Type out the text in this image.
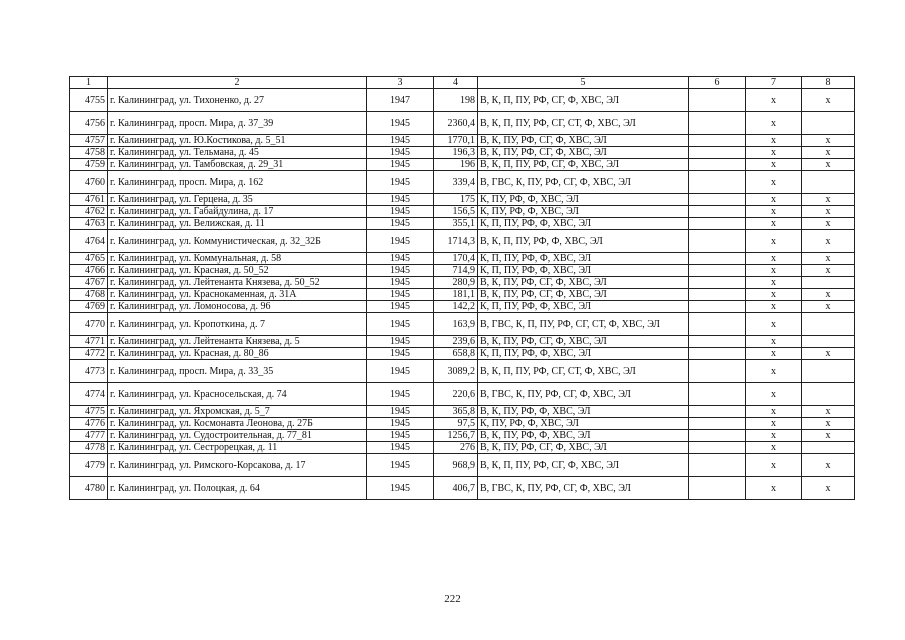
1	2	3	4	5	6	7	8
4755	г. Калининград, ул. Тихоненко, д. 27	1947	198	В, К, П, ПУ, РФ, СГ, Ф, ХВС, ЭЛ		x	x
4756	г. Калининград, просп. Мира, д. 37_39	1945	2360,4	В, К, П, ПУ, РФ, СГ, СТ, Ф, ХВС, ЭЛ		x	
4757	г. Калининград, ул. Ю.Костикова, д. 5_51	1945	1770,1	В, К, ПУ, РФ, СГ, Ф, ХВС, ЭЛ		x	x
4758	г. Калининград, ул. Тельмана, д. 45	1945	196,3	В, К, ПУ, РФ, СГ, Ф, ХВС, ЭЛ		x	x
4759	г. Калининград, ул. Тамбовская, д. 29_31	1945	196	В, К, П, ПУ, РФ, СГ, Ф, ХВС, ЭЛ		x	x
4760	г. Калининград, просп. Мира, д. 162	1945	339,4	В, ГВС, К, ПУ, РФ, СГ, Ф, ХВС, ЭЛ		x	
4761	г. Калининград, ул. Герцена, д. 35	1945	175	К, ПУ, РФ, Ф, ХВС, ЭЛ		x	x
4762	г. Калининград, ул. Габайдулина, д. 17	1945	156,5	К, ПУ, РФ, Ф, ХВС, ЭЛ		x	x
4763	г. Калининград, ул. Велижская, д. 11	1945	355,1	К, П, ПУ, РФ, Ф, ХВС, ЭЛ		x	x
4764	г. Калининград, ул. Коммунистическая, д. 32_32Б	1945	1714,3	В, К, П, ПУ, РФ, Ф, ХВС, ЭЛ		x	x
4765	г. Калининград, ул. Коммунальная, д. 58	1945	170,4	К, П, ПУ, РФ, Ф, ХВС, ЭЛ		x	x
4766	г. Калининград, ул. Красная, д. 50_52	1945	714,9	К, П, ПУ, РФ, Ф, ХВС, ЭЛ		x	x
4767	г. Калининград, ул. Лейтенанта Князева, д. 50_52	1945	280,9	В, К, ПУ, РФ, СГ, Ф, ХВС, ЭЛ		x	
4768	г. Калининград, ул. Краснокаменная, д. 31А	1945	181,1	В, К, ПУ, РФ, СГ, Ф, ХВС, ЭЛ		x	x
4769	г. Калининград, ул. Ломоносова, д. 96	1945	142,2	К, П, ПУ, РФ, Ф, ХВС, ЭЛ		x	x
4770	г. Калининград, ул. Кропоткина, д. 7	1945	163,9	В, ГВС, К, П, ПУ, РФ, СГ, СТ, Ф, ХВС, ЭЛ		x	
4771	г. Калининград, ул. Лейтенанта Князева, д. 5	1945	239,6	В, К, ПУ, РФ, СГ, Ф, ХВС, ЭЛ		x	
4772	г. Калининград, ул. Красная, д. 80_86	1945	658,8	К, П, ПУ, РФ, Ф, ХВС, ЭЛ		x	x
4773	г. Калининград, просп. Мира, д. 33_35	1945	3089,2	В, К, П, ПУ, РФ, СГ, СТ, Ф, ХВС, ЭЛ		x	
4774	г. Калининград, ул. Красносельская, д. 74	1945	220,6	В, ГВС, К, ПУ, РФ, СГ, Ф, ХВС, ЭЛ		x	
4775	г. Калининград, ул. Яхромская, д. 5_7	1945	365,8	В, К, ПУ, РФ, Ф, ХВС, ЭЛ		x	x
4776	г. Калининград, ул. Космонавта Леонова, д. 27Б	1945	97,5	К, ПУ, РФ, Ф, ХВС, ЭЛ		x	x
4777	г. Калининград, ул. Судостроительная, д. 77_81	1945	1256,7	В, К, ПУ, РФ, Ф, ХВС, ЭЛ		x	x
4778	г. Калининград, ул. Сестрорецкая, д. 11	1945	276	В, К, ПУ, РФ, СГ, Ф, ХВС, ЭЛ		x	
4779	г. Калининград, ул. Римского-Корсакова, д. 17	1945	968,9	В, К, П, ПУ, РФ, СГ, Ф, ХВС, ЭЛ		x	x
4780	г. Калининград, ул. Полоцкая, д. 64	1945	406,7	В, ГВС, К, ПУ, РФ, СГ, Ф, ХВС, ЭЛ		x	x
222
